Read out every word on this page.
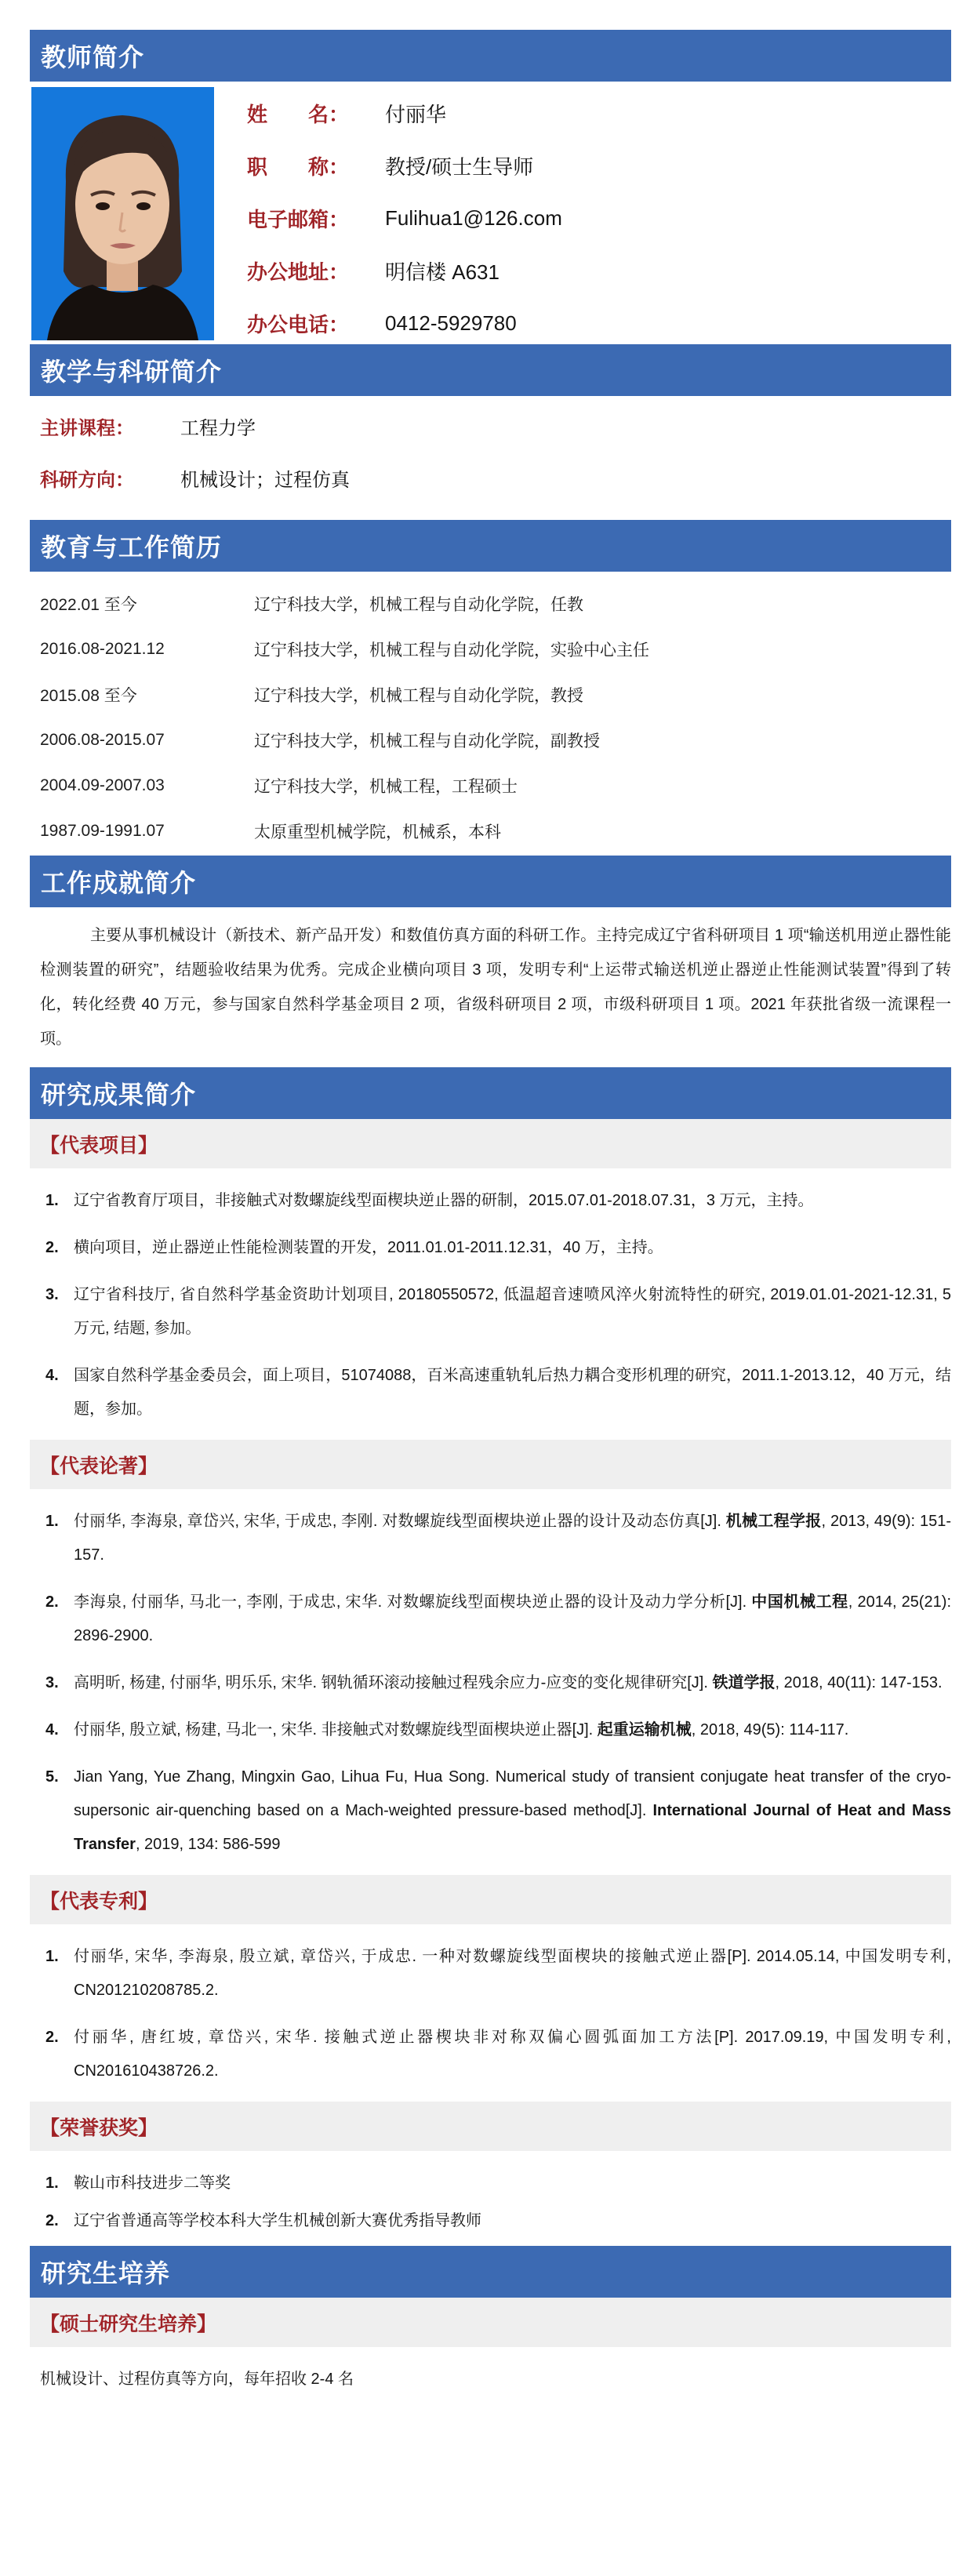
教师简介
姓　　名：	付丽华
职　　称：	教授/硕士生导师
电子邮箱：	Fulihua1@126.com
办公地址：	明信楼 A631
办公电话：	0412-5929780
教学与科研简介
主讲课程：	工程力学
科研方向：	机械设计；过程仿真
教育与工作简历
2022.01 至今	辽宁科技大学，机械工程与自动化学院，任教
2016.08-2021.12	辽宁科技大学，机械工程与自动化学院，实验中心主任
2015.08 至今	辽宁科技大学，机械工程与自动化学院，教授
2006.08-2015.07	辽宁科技大学，机械工程与自动化学院，副教授
2004.09-2007.03	辽宁科技大学，机械工程，工程硕士
1987.09-1991.07	太原重型机械学院，机械系，本科
工作成就简介

主要从事机械设计（新技术、新产品开发）和数值仿真方面的科研工作。主持完成辽宁省科研项目 1 项“输送机用逆止器性能检测装置的研究”，结题验收结果为优秀。完成企业横向项目 3 项，发明专利“上运带式输送机逆止器逆止性能测试装置”得到了转化，转化经费 40 万元，参与国家自然科学基金项目 2 项，省级科研项目 2 项，市级科研项目 1 项。2021 年获批省级一流课程一项。

研究成果简介
【代表项目】
1. 辽宁省教育厅项目，非接触式对数螺旋线型面楔块逆止器的研制，2015.07.01-2018.07.31，3 万元，主持。
2. 横向项目，逆止器逆止性能检测装置的开发，2011.01.01-2011.12.31，40 万，主持。
3. 辽宁省科技厅, 省自然科学基金资助计划项目, 20180550572, 低温超音速喷风淬火射流特性的研究, 2019.01.01-2021-12.31, 5 万元, 结题, 参加。
4. 国家自然科学基金委员会，面上项目，51074088，百米高速重轨轧后热力耦合变形机理的研究，2011.1-2013.12，40 万元，结题，参加。
【代表论著】
1. 付丽华, 李海泉, 章岱兴, 宋华, 于成忠, 李刚. 对数螺旋线型面楔块逆止器的设计及动态仿真[J]. 机械工程学报, 2013, 49(9): 151-157.
2. 李海泉, 付丽华, 马北一, 李刚, 于成忠, 宋华. 对数螺旋线型面楔块逆止器的设计及动力学分析[J]. 中国机械工程, 2014, 25(21): 2896-2900.
3. 高明昕, 杨建, 付丽华, 明乐乐, 宋华. 钢轨循环滚动接触过程残余应力-应变的变化规律研究[J]. 铁道学报, 2018, 40(11): 147-153.
4. 付丽华, 殷立斌, 杨建, 马北一, 宋华. 非接触式对数螺旋线型面楔块逆止器[J]. 起重运输机械, 2018, 49(5): 114-117.
5. Jian Yang, Yue Zhang, Mingxin Gao, Lihua Fu, Hua Song. Numerical study of transient conjugate heat transfer of the cryo-supersonic air-quenching based on a Mach-weighted pressure-based method[J]. International Journal of Heat and Mass Transfer, 2019, 134: 586-599
【代表专利】
1. 付丽华, 宋华, 李海泉, 殷立斌, 章岱兴, 于成忠. 一种对数螺旋线型面楔块的接触式逆止器[P]. 2014.05.14, 中国发明专利, CN201210208785.2.
2. 付丽华, 唐红坡, 章岱兴, 宋华. 接触式逆止器楔块非对称双偏心圆弧面加工方法[P]. 2017.09.19, 中国发明专利, CN201610438726.2.
【荣誉获奖】
1. 鞍山市科技进步二等奖
2. 辽宁省普通高等学校本科大学生机械创新大赛优秀指导教师
研究生培养
【硕士研究生培养】

机械设计、过程仿真等方向，每年招收 2-4 名
